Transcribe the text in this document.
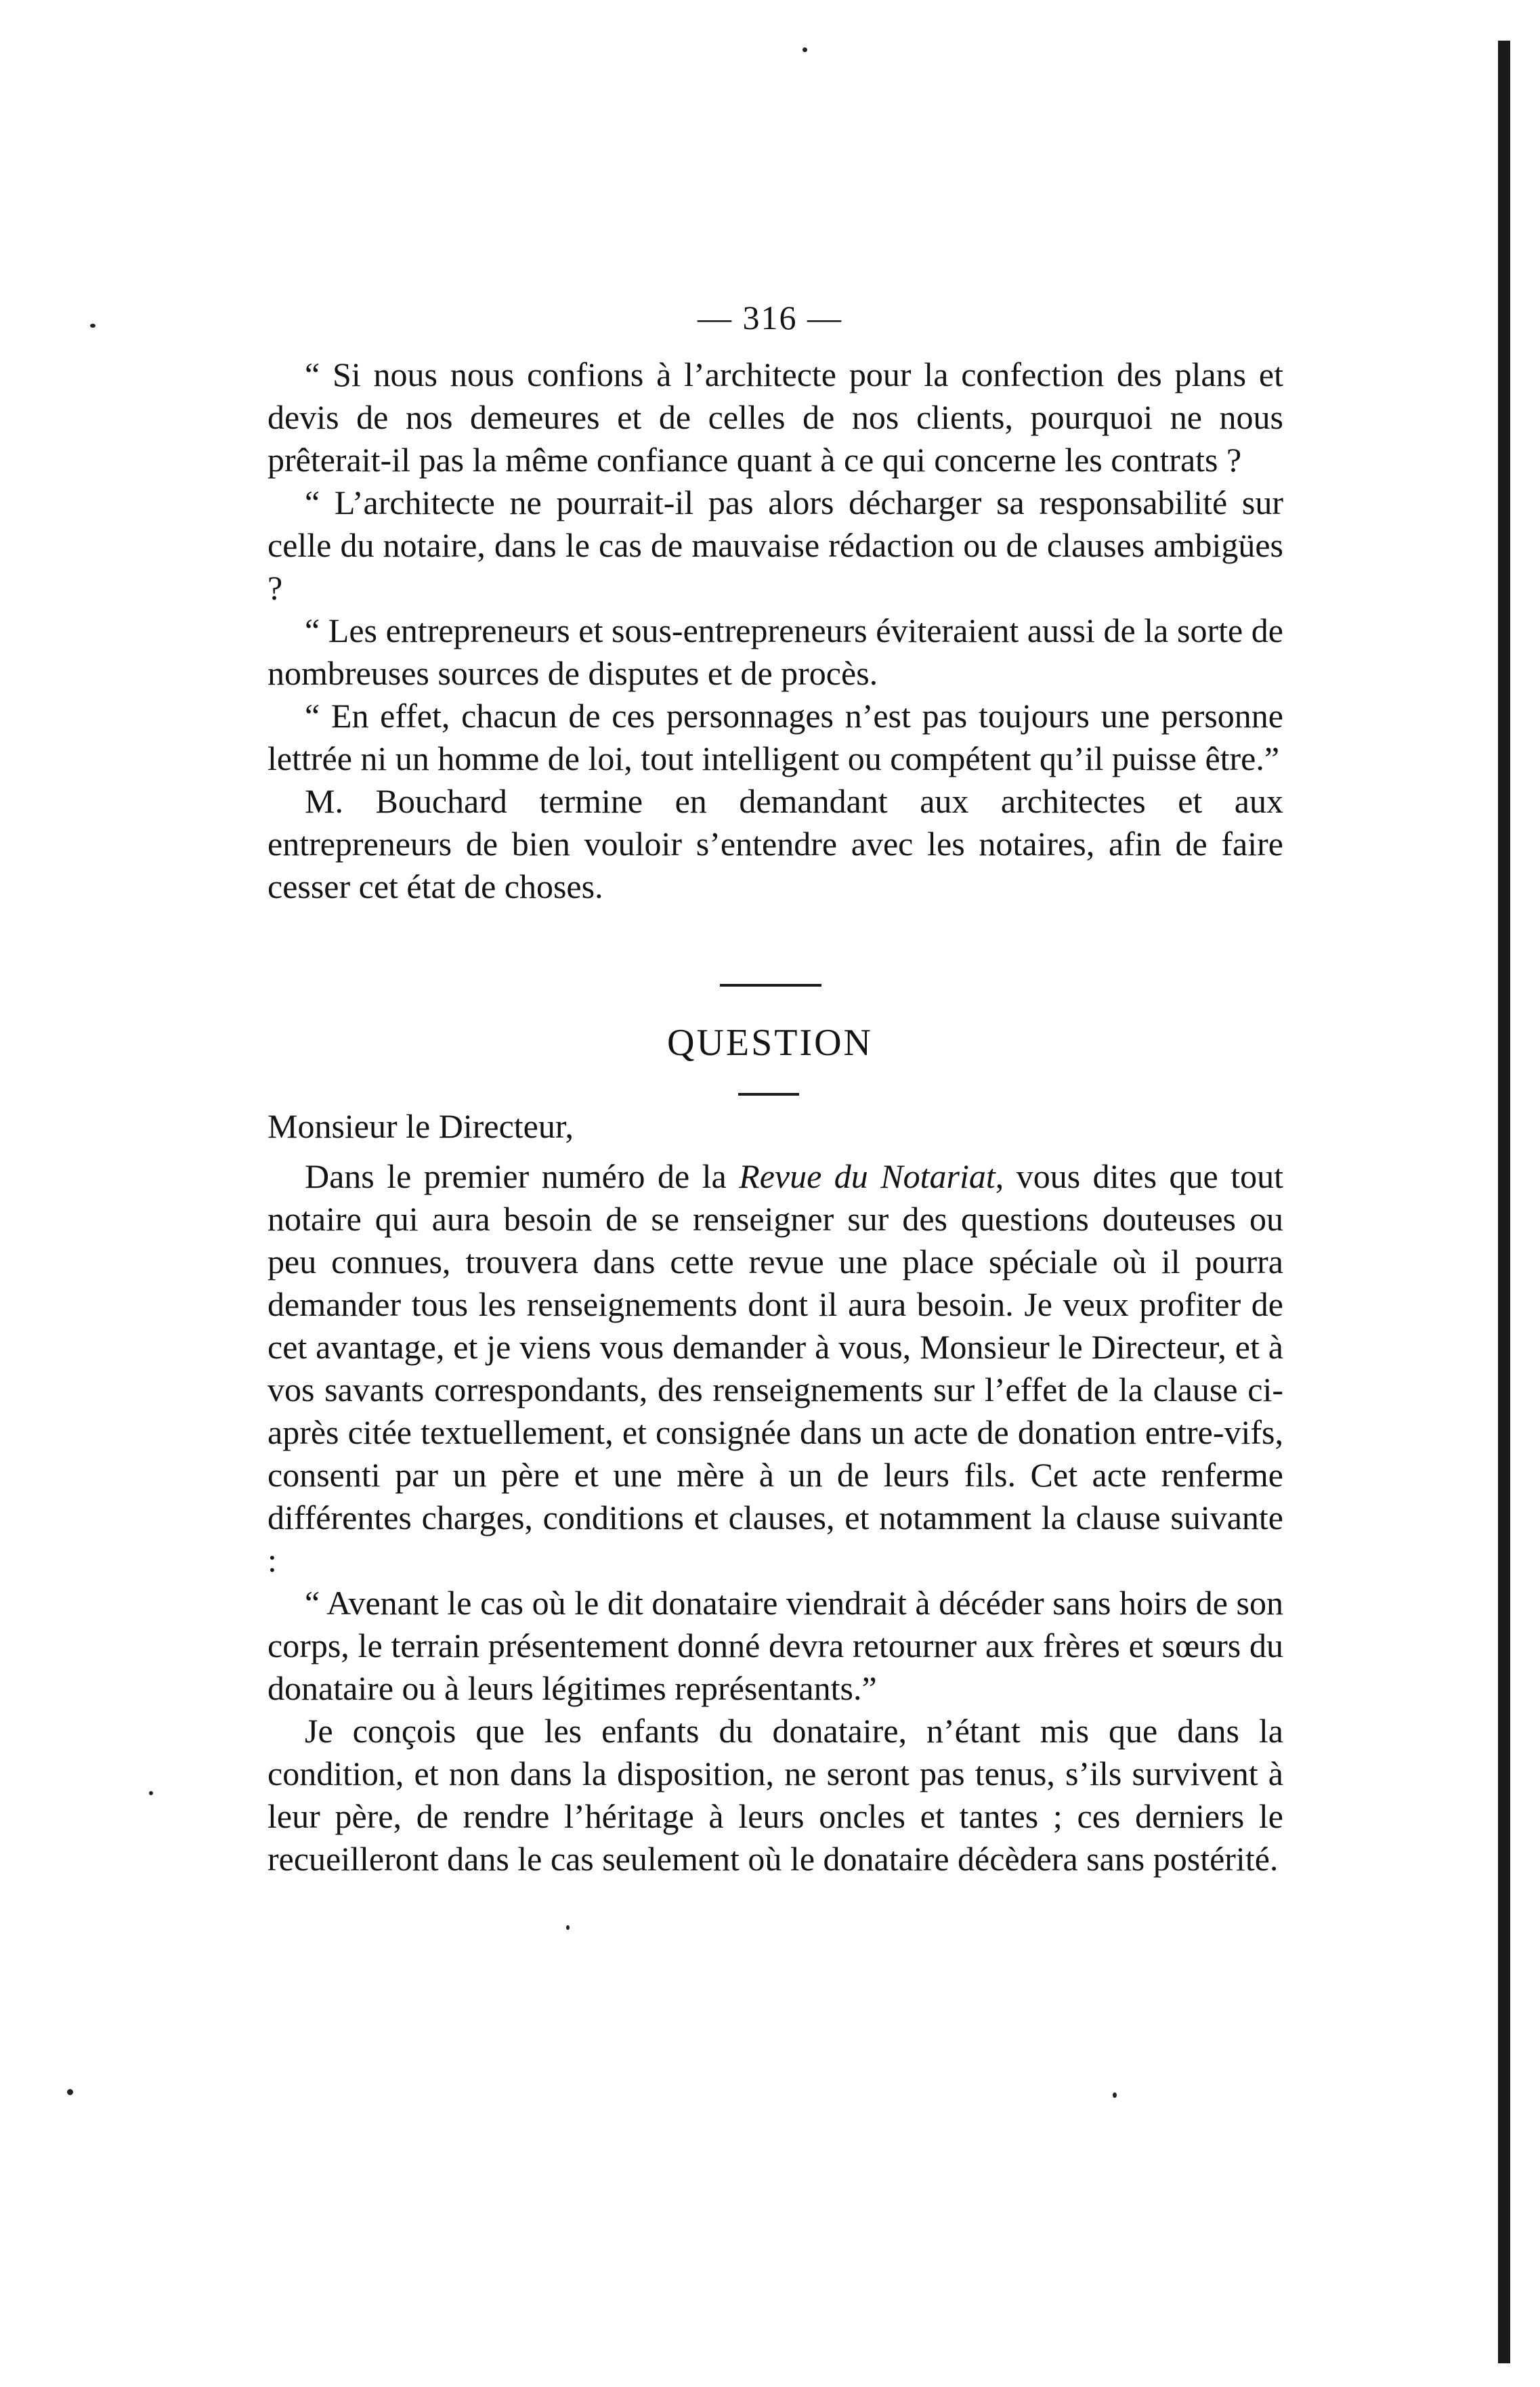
— 316 —

“ Si nous nous confions à l’architecte pour la confection des plans et devis de nos demeures et de celles de nos clients, pourquoi ne nous prêterait-il pas la même confiance quant à ce qui concerne les contrats ?

“ L’architecte ne pourrait-il pas alors décharger sa responsabilité sur celle du notaire, dans le cas de mauvaise rédaction ou de clauses ambigües ?

“ Les entrepreneurs et sous-entrepreneurs éviteraient aussi de la sorte de nombreuses sources de disputes et de procès.

“ En effet, chacun de ces personnages n’est pas toujours une personne lettrée ni un homme de loi, tout intelligent ou compétent qu’il puisse être.”

M. Bouchard termine en demandant aux architectes et aux entrepreneurs de bien vouloir s’entendre avec les notaires, afin de faire cesser cet état de choses.

QUESTION
Monsieur le Directeur,

Dans le premier numéro de la Revue du Notariat, vous dites que tout notaire qui aura besoin de se renseigner sur des questions douteuses ou peu connues, trouvera dans cette revue une place spéciale où il pourra demander tous les renseignements dont il aura besoin. Je veux profiter de cet avantage, et je viens vous demander à vous, Monsieur le Directeur, et à vos savants correspondants, des renseignements sur l’effet de la clause ci-après citée textuellement, et consignée dans un acte de donation entre-vifs, consenti par un père et une mère à un de leurs fils. Cet acte renferme différentes charges, conditions et clauses, et notamment la clause suivante :

“ Avenant le cas où le dit donataire viendrait à décéder sans hoirs de son corps, le terrain présentement donné devra retourner aux frères et sœurs du donataire ou à leurs légitimes représentants.”

Je conçois que les enfants du donataire, n’étant mis que dans la condition, et non dans la disposition, ne seront pas tenus, s’ils survivent à leur père, de rendre l’héritage à leurs oncles et tantes ; ces derniers le recueilleront dans le cas seulement où le donataire décèdera sans postérité.
